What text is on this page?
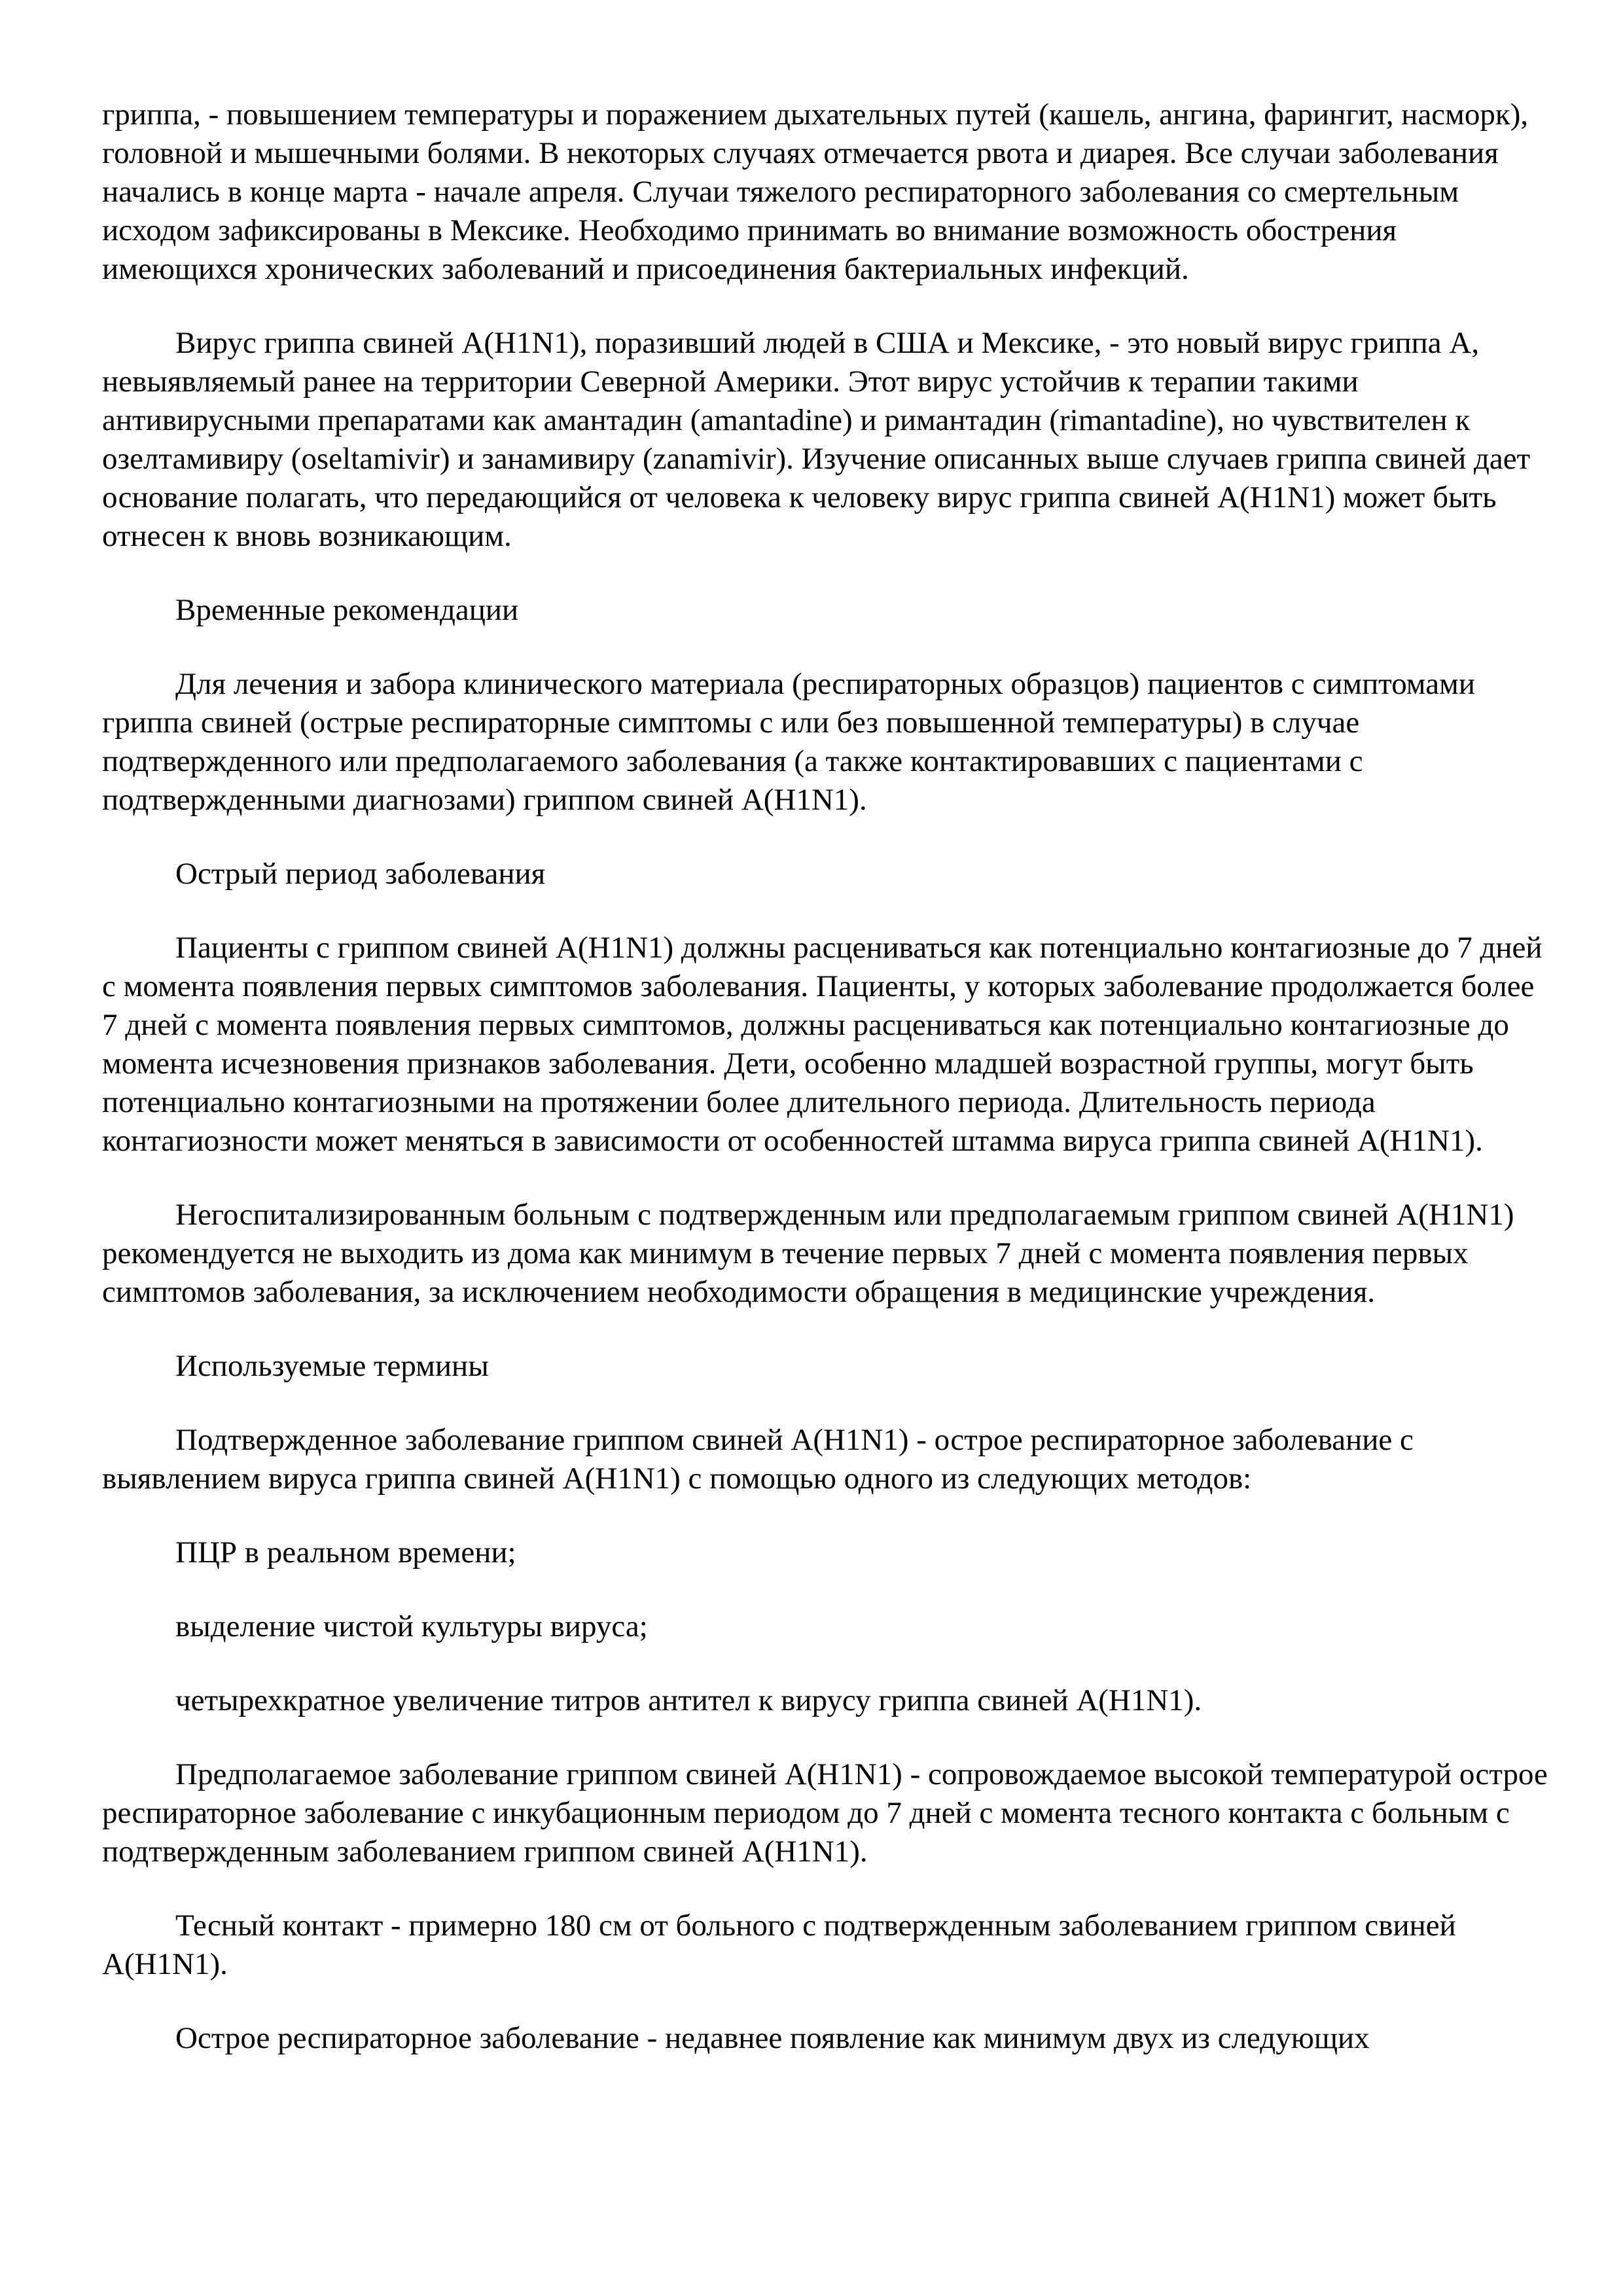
гриппа, - повышением температуры и поражением дыхательных путей (кашель, ангина, фарингит, насморк), головной и мышечными болями. В некоторых случаях отмечается рвота и диарея. Все случаи заболевания начались в конце марта - начале апреля. Случаи тяжелого респираторного заболевания со смертельным исходом зафиксированы в Мексике. Необходимо принимать во внимание возможность обострения имеющихся хронических заболеваний и присоединения бактериальных инфекций.

Вирус гриппа свиней A(H1N1), поразивший людей в США и Мексике, - это новый вирус гриппа А, невыявляемый ранее на территории Северной Америки. Этот вирус устойчив к терапии такими антивирусными препаратами как амантадин (amantadine) и римантадин (rimantadine), но чувствителен к озелтамивиру (oseltamivir) и занамивиру (zanamivir). Изучение описанных выше случаев гриппа свиней дает основание полагать, что передающийся от человека к человеку вирус гриппа свиней A(H1N1) может быть отнесен к вновь возникающим.

Временные рекомендации

Для лечения и забора клинического материала (респираторных образцов) пациентов с симптомами гриппа свиней (острые респираторные симптомы с или без повышенной температуры) в случае подтвержденного или предполагаемого заболевания (а также контактировавших с пациентами с подтвержденными диагнозами) гриппом свиней A(H1N1).

Острый период заболевания

Пациенты с гриппом свиней A(H1N1) должны расцениваться как потенциально контагиозные до 7 дней с момента появления первых симптомов заболевания. Пациенты, у которых заболевание продолжается более 7 дней с момента появления первых симптомов, должны расцениваться как потенциально контагиозные до момента исчезновения признаков заболевания. Дети, особенно младшей возрастной группы, могут быть потенциально контагиозными на протяжении более длительного периода. Длительность периода контагиозности может меняться в зависимости от особенностей штамма вируса гриппа свиней A(H1N1).

Негоспитализированным больным с подтвержденным или предполагаемым гриппом свиней A(H1N1) рекомендуется не выходить из дома как минимум в течение первых 7 дней с момента появления первых симптомов заболевания, за исключением необходимости обращения в медицинские учреждения.

Используемые термины

Подтвержденное заболевание гриппом свиней A(H1N1) - острое респираторное заболевание с выявлением вируса гриппа свиней A(H1N1) с помощью одного из следующих методов:

ПЦР в реальном времени;

выделение чистой культуры вируса;

четырехкратное увеличение титров антител к вирусу гриппа свиней A(H1N1).

Предполагаемое заболевание гриппом свиней A(H1N1) - сопровождаемое высокой температурой острое респираторное заболевание с инкубационным периодом до 7 дней с момента тесного контакта с больным с подтвержденным заболеванием гриппом свиней A(H1N1).

Тесный контакт - примерно 180 см от больного с подтвержденным заболеванием гриппом свиней A(H1N1).

Острое респираторное заболевание - недавнее появление как минимум двух из следующих
